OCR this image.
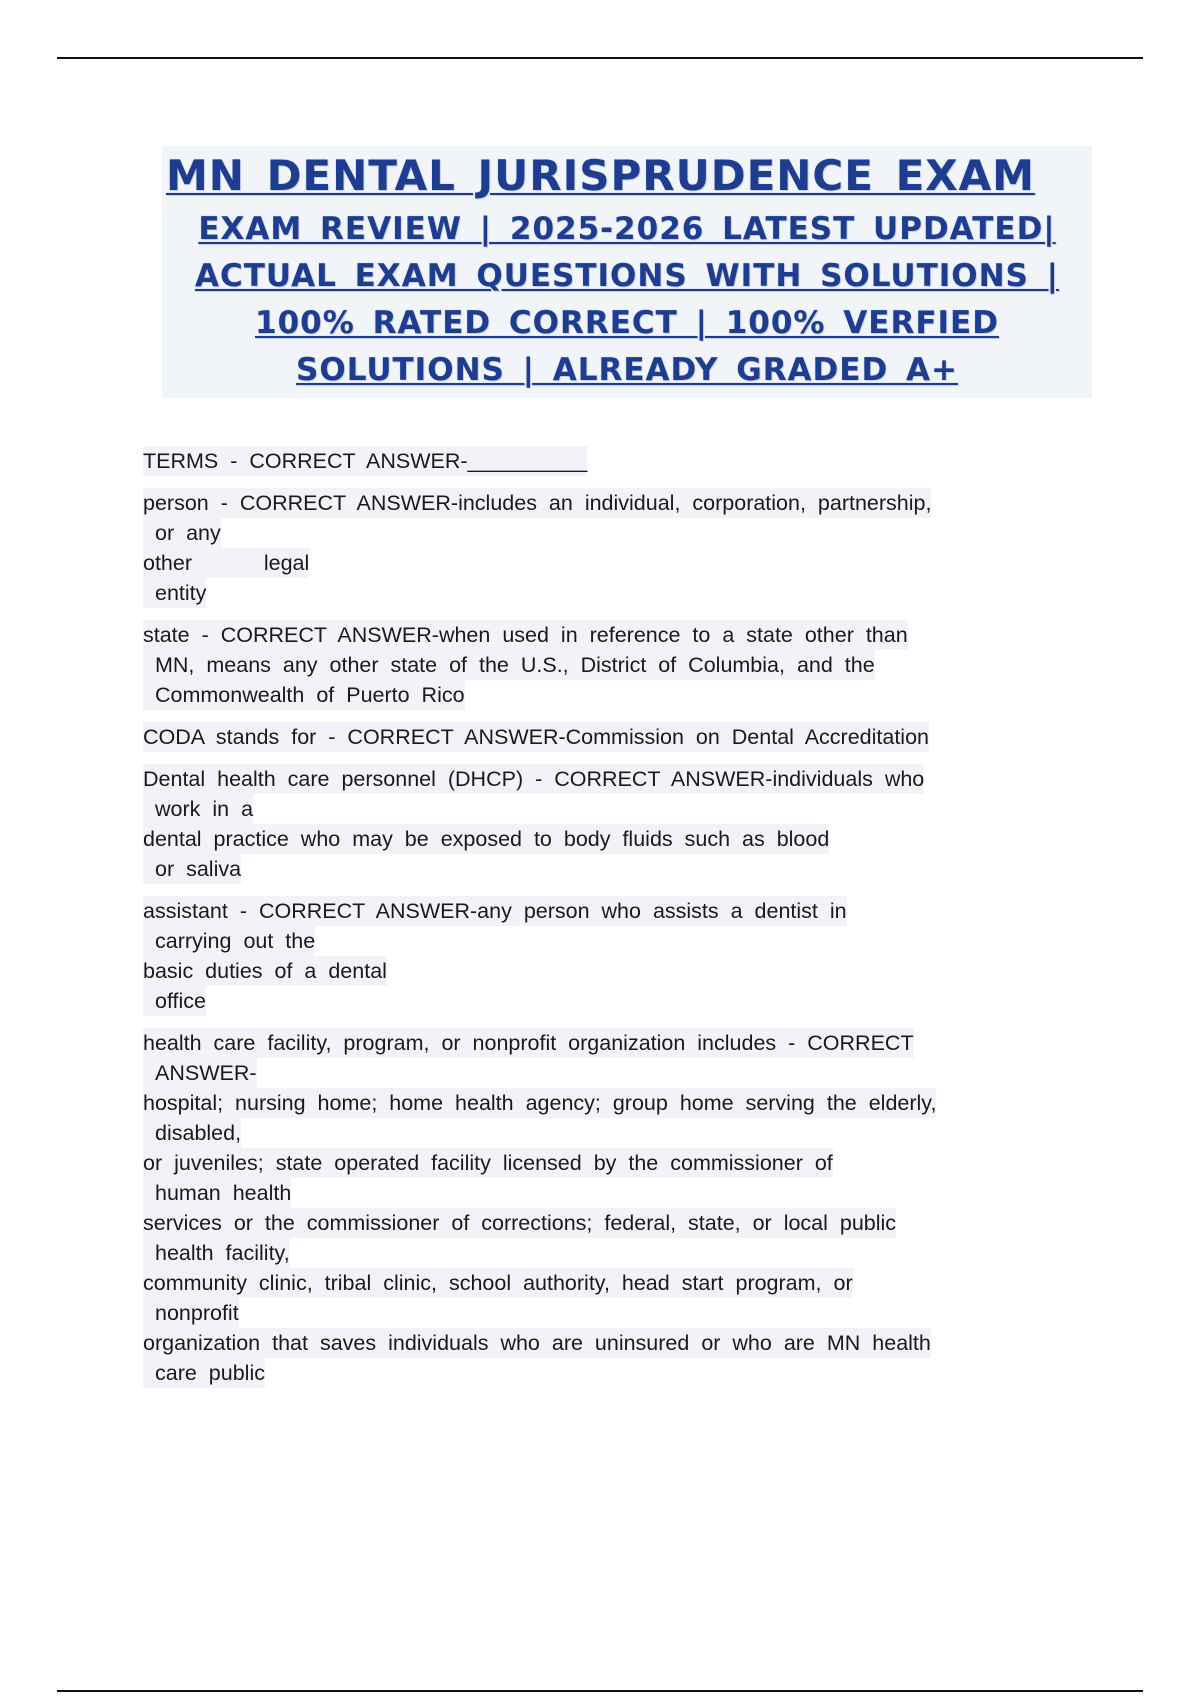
MN DENTAL JURISPRUDENCE EXAM
EXAM REVIEW | 2025-2026 LATEST UPDATED|
ACTUAL EXAM QUESTIONS WITH SOLUTIONS |
100% RATED CORRECT | 100% VERFIED
SOLUTIONS | ALREADY GRADED A+
TERMS - CORRECT ANSWER-__________
person - CORRECT ANSWER-includes an individual, corporation, partnership,
or any
other      legal
entity
state - CORRECT ANSWER-when used in reference to a state other than
MN, means any other state of the U.S., District of Columbia, and the
Commonwealth of Puerto Rico
CODA stands for - CORRECT ANSWER-Commission on Dental Accreditation
Dental health care personnel (DHCP) - CORRECT ANSWER-individuals who
work in a
dental practice who may be exposed to body fluids such as blood
or saliva
assistant - CORRECT ANSWER-any person who assists a dentist in
carrying out the
basic duties of a dental
office
health care facility, program, or nonprofit organization includes - CORRECT
ANSWER-
hospital; nursing home; home health agency; group home serving the elderly,
disabled,
or juveniles; state operated facility licensed by the commissioner of
human health
services or the commissioner of corrections; federal, state, or local public
health facility,
community clinic, tribal clinic, school authority, head start program, or
nonprofit
organization that saves individuals who are uninsured or who are MN health
care public
